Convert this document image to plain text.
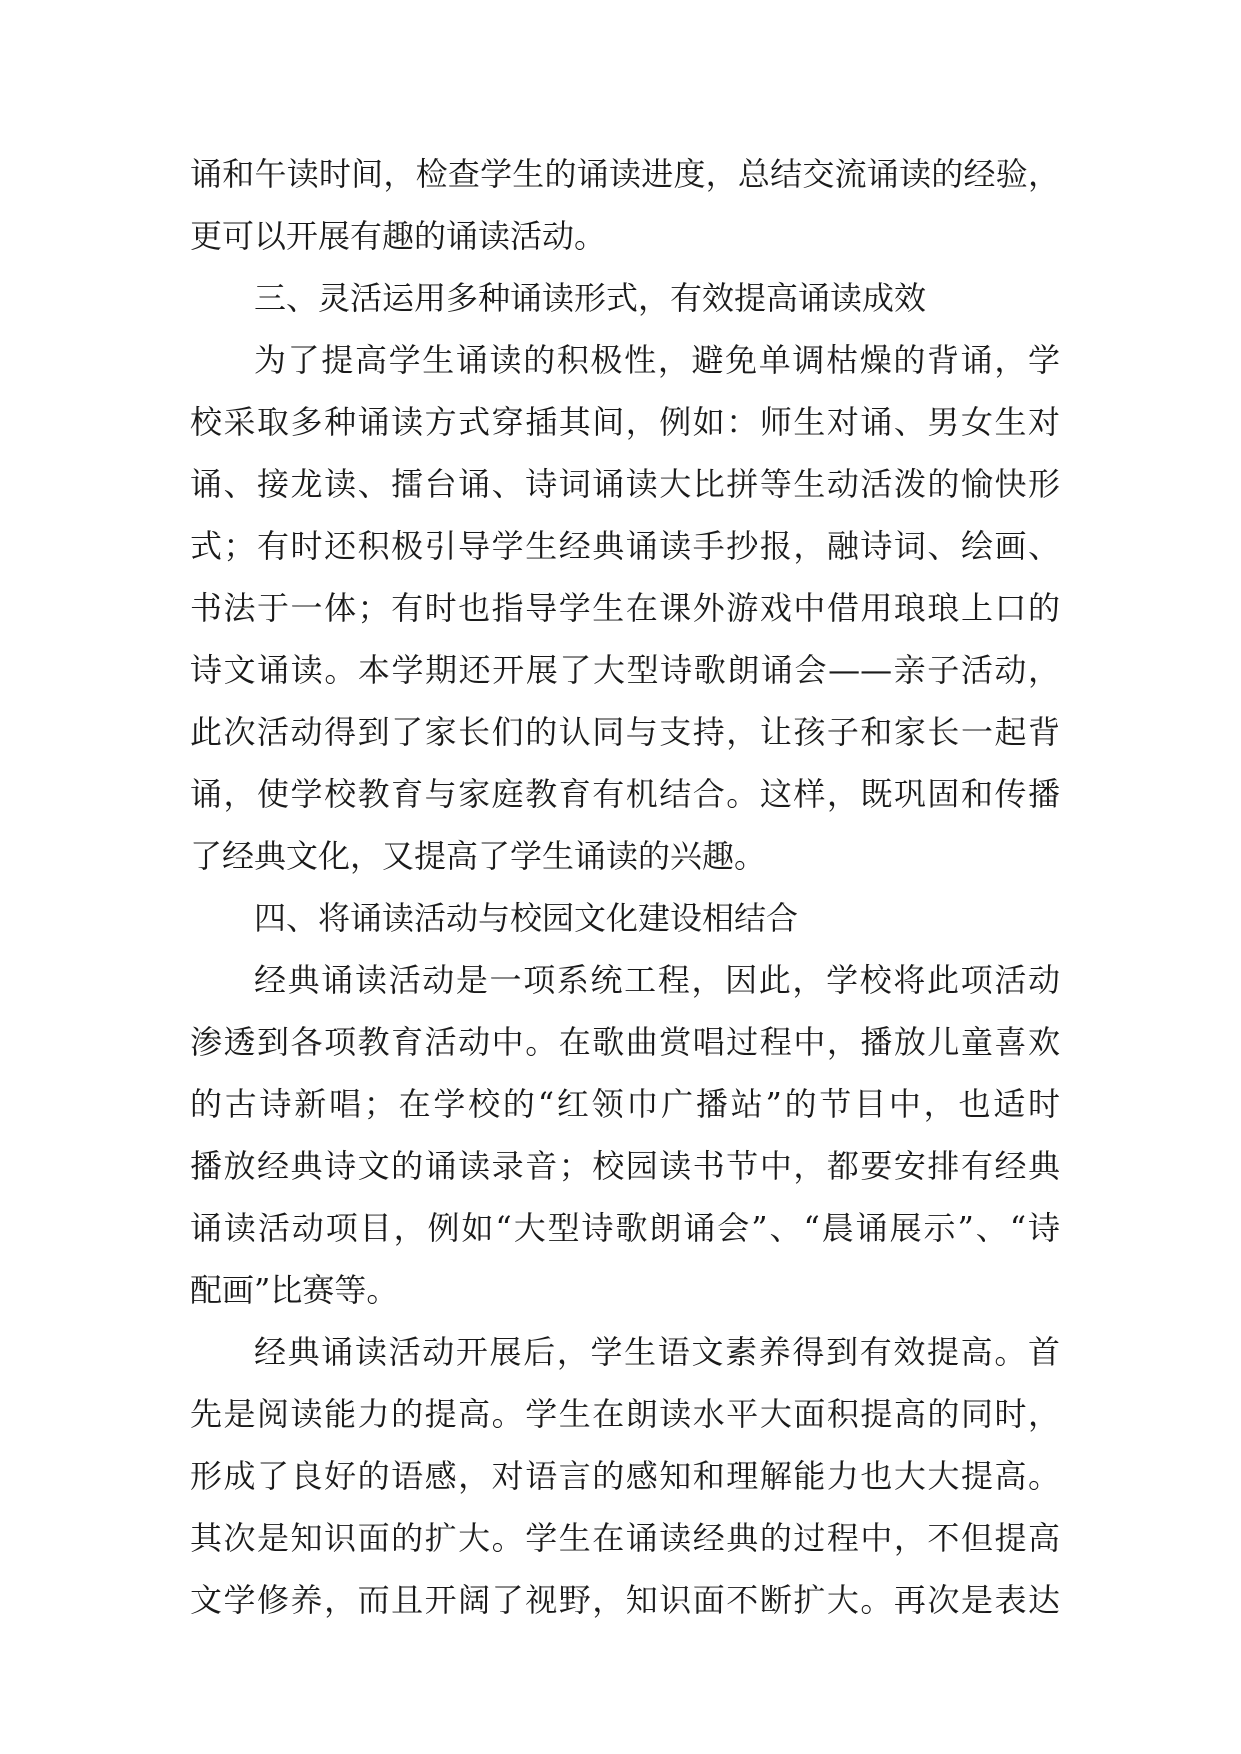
诵和午读时间，检查学生的诵读进度，总结交流诵读的经验，
更可以开展有趣的诵读活动。
三、灵活运用多种诵读形式，有效提高诵读成效
为了提高学生诵读的积极性，避免单调枯燥的背诵，学
校采取多种诵读方式穿插其间，例如：师生对诵、男女生对
诵、接龙读、擂台诵、诗词诵读大比拼等生动活泼的愉快形
式；有时还积极引导学生经典诵读手抄报，融诗词、绘画、
书法于一体；有时也指导学生在课外游戏中借用琅琅上口的
诗文诵读。本学期还开展了大型诗歌朗诵会——亲子活动，
此次活动得到了家长们的认同与支持，让孩子和家长一起背
诵，使学校教育与家庭教育有机结合。这样，既巩固和传播
了经典文化，又提高了学生诵读的兴趣。
四、将诵读活动与校园文化建设相结合
经典诵读活动是一项系统工程，因此，学校将此项活动
渗透到各项教育活动中。在歌曲赏唱过程中，播放儿童喜欢
的古诗新唱；在学校的“红领巾广播站”的节目中，也适时
播放经典诗文的诵读录音；校园读书节中，都要安排有经典
诵读活动项目，例如“大型诗歌朗诵会”、“晨诵展示”、“诗
配画”比赛等。
经典诵读活动开展后，学生语文素养得到有效提高。首
先是阅读能力的提高。学生在朗读水平大面积提高的同时，
形成了良好的语感，对语言的感知和理解能力也大大提高。
其次是知识面的扩大。学生在诵读经典的过程中，不但提高
文学修养，而且开阔了视野，知识面不断扩大。再次是表达
